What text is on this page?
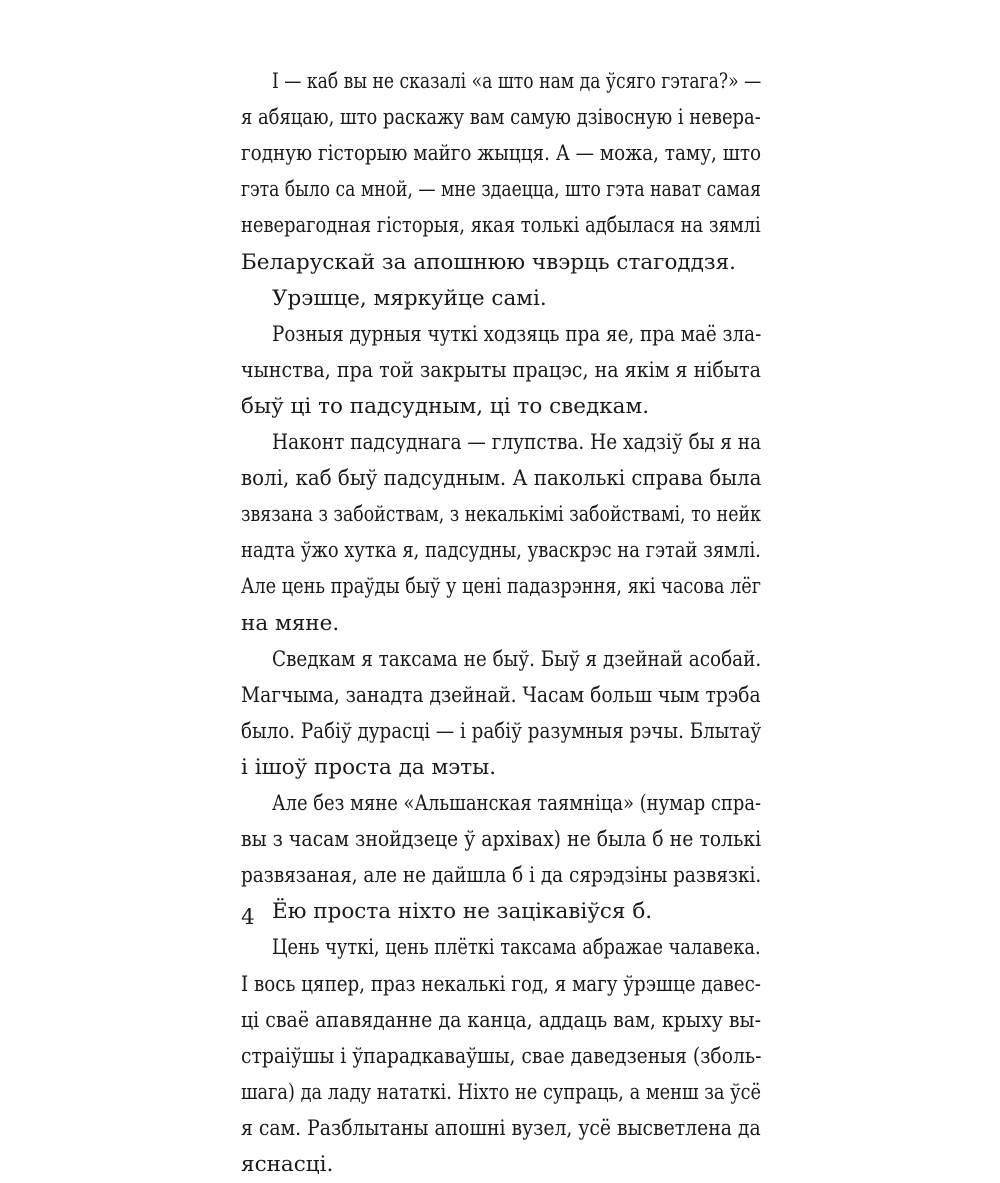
I — каб вы не сказалі «а што нам да ўсяго гэтага?» —
я абяцаю, што раскажу вам самую дзівосную і невера-
годную гісторыю майго жыцця. А — можа, таму, што
гэта было са мной, — мне здаецца, што гэта нават самая
неверагодная гісторыя, якая толькі адбылася на зямлі
Беларускай за апошнюю чвэрць стагоддзя.
Урэшце, мяркуйце самі.
Розныя дурныя чуткі ходзяць пра яе, пра маё зла-
чынства, пра той закрыты працэс, на якім я нібыта
быў ці то падсудным, ці то сведкам.
Наконт падсуднага — глупства. Не хадзіў бы я на
волі, каб быў падсудным. А паколькі справа была
звязана з забойствам, з некалькімі забойствамі, то нейк
надта ўжо хутка я, падсудны, уваскрэс на гэтай зямлі.
Але цень праўды быў у цені падазрэння, які часова лёг
на мяне.
Сведкам я таксама не быў. Быў я дзейнай асобай.
Магчыма, занадта дзейнай. Часам больш чым трэба
было. Рабіў дурасці — і рабіў разумныя рэчы. Блытаў
і ішоў проста да мэты.
Але без мяне «Альшанская таямніца» (нумар спра-
вы з часам знойдзеце ў архівах) не была б не толькі
развязаная, але не дайшла б і да сярэдзіны развязкі.
Ёю проста ніхто не зацікавіўся б.
Цень чуткі, цень плёткі таксама абражае чалавека.
І вось цяпер, праз некалькі год, я магу ўрэшце давес-
ці сваё апавяданне да канца, аддаць вам, крыху вы-
страіўшы і ўпарадкаваўшы, свае даведзеныя (зболь-
шага) да ладу нататкі. Ніхто не супраць, а менш за ўсё
я сам. Разблытаны апошні вузел, усё высветлена да
яснасці.
4
